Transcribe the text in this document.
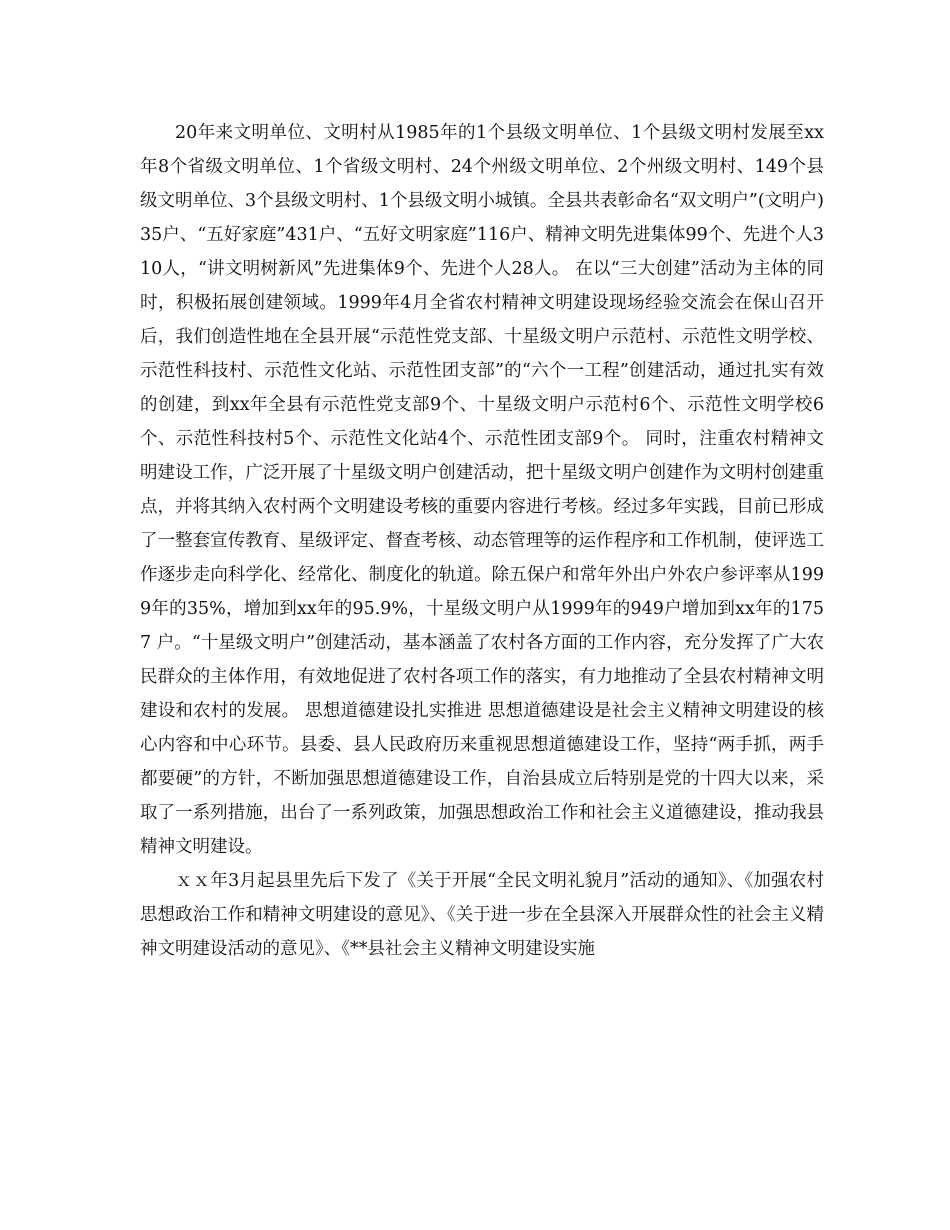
20年来文明单位、文明村从1985年的1个县级文明单位、1个县级文明村发展至xx年8个省级文明单位、1个省级文明村、24个州级文明单位、2个州级文明村、149个县级文明单位、3个县级文明村、1个县级文明小城镇。全县共表彰命名“双文明户”(文明户)35户、“五好家庭”431户、“五好文明家庭”116户、精神文明先进集体99个、先进个人310人，“讲文明树新风”先进集体9个、先进个人28人。 在以“三大创建”活动为主体的同时，积极拓展创建领域。1999年4月全省农村精神文明建设现场经验交流会在保山召开后，我们创造性地在全县开展“示范性党支部、十星级文明户示范村、示范性文明学校、示范性科技村、示范性文化站、示范性团支部”的“六个一工程”创建活动，通过扎实有效的创建，到xx年全县有示范性党支部9个、十星级文明户示范村6个、示范性文明学校6个、示范性科技村5个、示范性文化站4个、示范性团支部9个。 同时，注重农村精神文明建设工作，广泛开展了十星级文明户创建活动，把十星级文明户创建作为文明村创建重点，并将其纳入农村两个文明建设考核的重要内容进行考核。经过多年实践，目前已形成了一整套宣传教育、星级评定、督查考核、动态管理等的运作程序和工作机制，使评选工作逐步走向科学化、经常化、制度化的轨道。除五保户和常年外出户外农户参评率从1999年的35%，增加到xx年的95.9%，十星级文明户从1999年的949户增加到xx年的1757 户。“十星级文明户”创建活动，基本涵盖了农村各方面的工作内容，充分发挥了广大农民群众的主体作用，有效地促进了农村各项工作的落实，有力地推动了全县农村精神文明建设和农村的发展。 思想道德建设扎实推进 思想道德建设是社会主义精神文明建设的核心内容和中心环节。县委、县人民政府历来重视思想道德建设工作，坚持“两手抓，两手都要硬”的方针，不断加强思想道德建设工作，自治县成立后特别是党的十四大以来，采取了一系列措施，出台了一系列政策，加强思想政治工作和社会主义道德建设，推动我县精神文明建设。

ｘｘ年3月起县里先后下发了《关于开展“全民文明礼貌月”活动的通知》、《加强农村思想政治工作和精神文明建设的意见》、《关于进一步在全县深入开展群众性的社会主义精神文明建设活动的意见》、《**县社会主义精神文明建设实施
